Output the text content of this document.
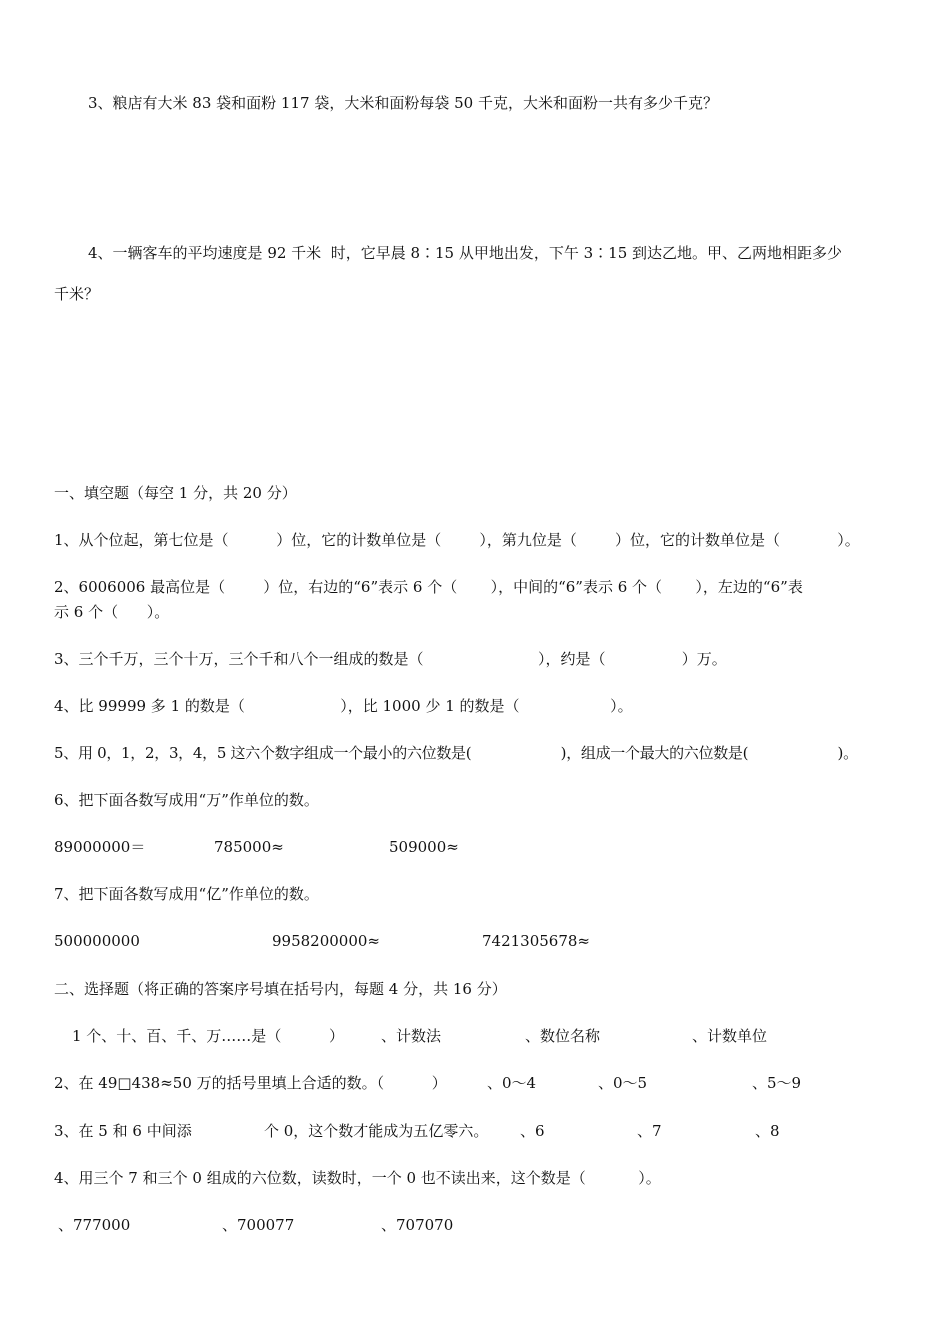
3、粮店有大米 83 袋和面粉 117 袋，大米和面粉每袋 50 千克，大米和面粉一共有多少千克？
4、一辆客车的平均速度是 92 千米  时，它早晨 8∶15 从甲地出发，下午 3∶15 到达乙地。甲、乙两地相距多少
千米？
一、填空题（每空 1 分，共 20 分）
1、从个位起，第七位是（          ）位，它的计数单位是（        ），第九位是（        ）位，它的计数单位是（            ）。
2、6006006 最高位是（        ）位，右边的“6”表示 6 个（       ），中间的“6”表示 6 个（       ），左边的“6”表
示 6 个（      ）。
3、三个千万，三个十万，三个千和八个一组成的数是（                        ），约是（                ）万。
4、比 99999 多 1 的数是（                    ），比 1000 少 1 的数是（                   ）。
5、用 0，1，2，3，4，5 这六个数字组成一个最小的六位数是(                    )，组成一个最大的六位数是(                    )。
6、把下面各数写成用“万”作单位的数。
89000000＝	785000≈	509000≈
7、把下面各数写成用“亿”作单位的数。
500000000	9958200000≈	7421305678≈
二、选择题（将正确的答案序号填在括号内，每题 4 分，共 16 分）
1 个、十、百、千、万……是（          ） 、计数法	、数位名称	、计数单位
2、在 49□438≈50 万的括号里填上合适的数。（          ）	、0～4	、0～5	、5～9
3、在 5 和 6 中间添	个 0，这个数才能成为五亿零六。 、6	、7	、8
4、用三个 7 和三个 0 组成的六位数，读数时，一个 0 也不读出来，这个数是（           ）。
、777000	、700077	、707070
